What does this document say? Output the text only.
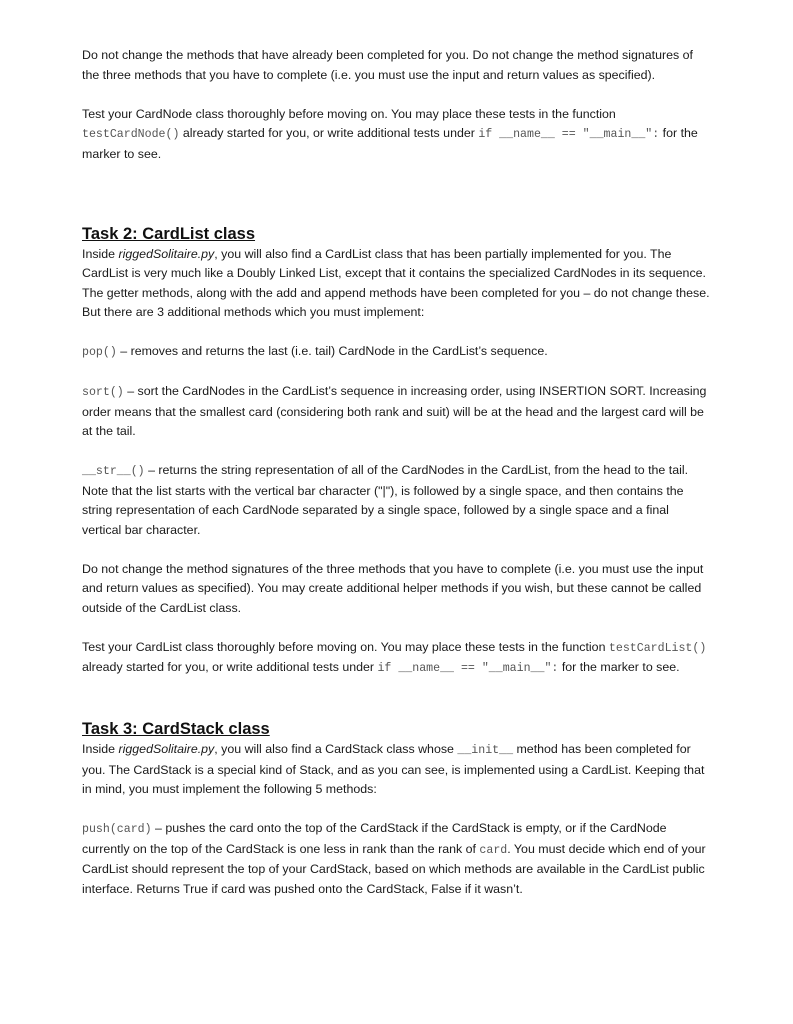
Do not change the methods that have already been completed for you. Do not change the method signatures of the three methods that you have to complete (i.e. you must use the input and return values as specified).

Test your CardNode class thoroughly before moving on. You may place these tests in the function testCardNode() already started for you, or write additional tests under if __name__ == "__main__": for the marker to see.

Task 2: CardList class

Inside riggedSolitaire.py, you will also find a CardList class that has been partially implemented for you. The CardList is very much like a Doubly Linked List, except that it contains the specialized CardNodes in its sequence. The getter methods, along with the add and append methods have been completed for you – do not change these. But there are 3 additional methods which you must implement:

pop() – removes and returns the last (i.e. tail) CardNode in the CardList’s sequence.

sort() – sort the CardNodes in the CardList’s sequence in increasing order, using INSERTION SORT. Increasing order means that the smallest card (considering both rank and suit) will be at the head and the largest card will be at the tail.

__str__() – returns the string representation of all of the CardNodes in the CardList, from the head to the tail. Note that the list starts with the vertical bar character ("|"), is followed by a single space, and then contains the string representation of each CardNode separated by a single space, followed by a single space and a final vertical bar character.

Do not change the method signatures of the three methods that you have to complete (i.e. you must use the input and return values as specified). You may create additional helper methods if you wish, but these cannot be called outside of the CardList class.

Test your CardList class thoroughly before moving on. You may place these tests in the function testCardList() already started for you, or write additional tests under if __name__ == "__main__": for the marker to see.

Task 3: CardStack class

Inside riggedSolitaire.py, you will also find a CardStack class whose __init__ method has been completed for you. The CardStack is a special kind of Stack, and as you can see, is implemented using a CardList. Keeping that in mind, you must implement the following 5 methods:

push(card) – pushes the card onto the top of the CardStack if the CardStack is empty, or if the CardNode currently on the top of the CardStack is one less in rank than the rank of card. You must decide which end of your CardList should represent the top of your CardStack, based on which methods are available in the CardList public interface. Returns True if card was pushed onto the CardStack, False if it wasn’t.
